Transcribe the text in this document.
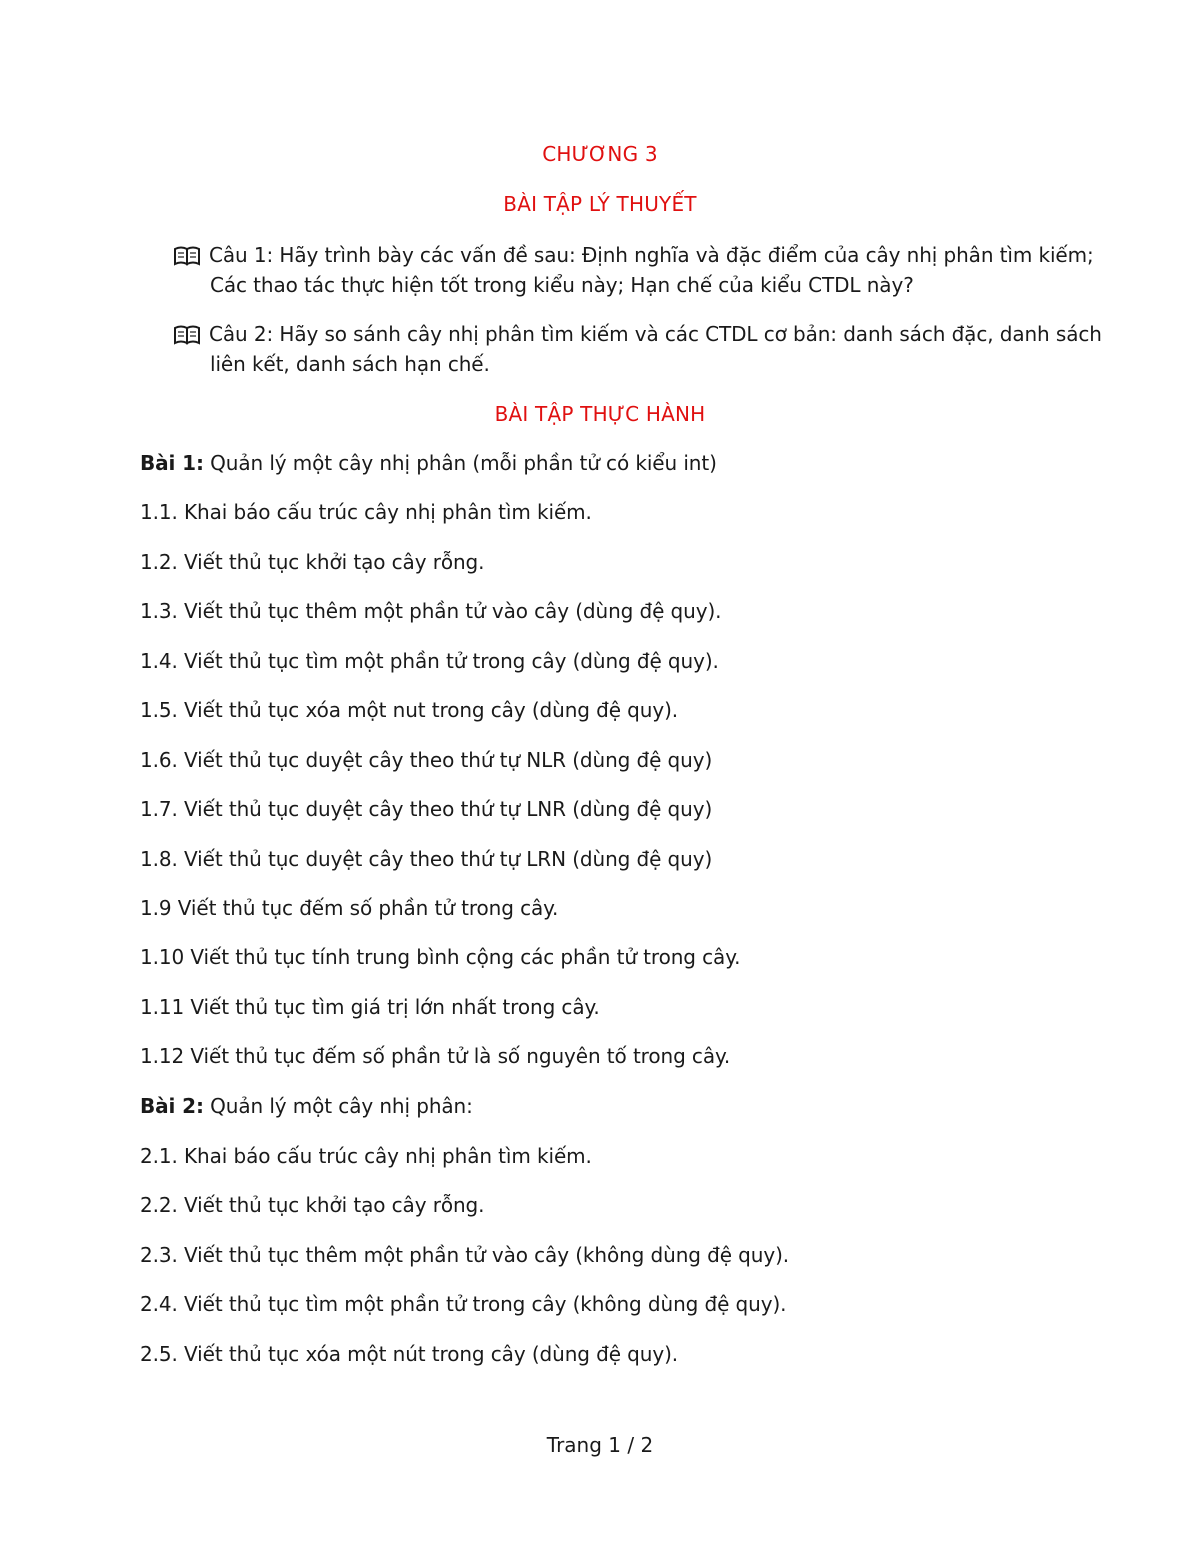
CHƯƠNG 3
BÀI TẬP LÝ THUYẾT
Câu 1: Hãy trình bày các vấn đề sau: Định nghĩa và đặc điểm của cây nhị phân tìm kiếm;
Các thao tác thực hiện tốt trong kiểu này; Hạn chế của kiểu CTDL này?
Câu 2: Hãy so sánh cây nhị phân tìm kiếm và các CTDL cơ bản: danh sách đặc, danh sách
liên kết, danh sách hạn chế.
BÀI TẬP THỰC HÀNH
Bài 1: Quản lý một cây nhị phân (mỗi phần tử có kiểu int)
1.1. Khai báo cấu trúc cây nhị phân tìm kiếm.
1.2. Viết thủ tục khởi tạo cây rỗng.
1.3. Viết thủ tục thêm một phần tử vào cây (dùng đệ quy).
1.4. Viết thủ tục tìm một phần tử trong cây (dùng đệ quy).
1.5. Viết thủ tục xóa một nut trong cây (dùng đệ quy).
1.6. Viết thủ tục duyệt cây theo thứ tự NLR (dùng đệ quy)
1.7. Viết thủ tục duyệt cây theo thứ tự LNR (dùng đệ quy)
1.8. Viết thủ tục duyệt cây theo thứ tự LRN (dùng đệ quy)
1.9 Viết thủ tục đếm số phần tử trong cây.
1.10 Viết thủ tục tính trung bình cộng các phần tử trong cây.
1.11 Viết thủ tục tìm giá trị lớn nhất trong cây.
1.12 Viết thủ tục đếm số phần tử là số nguyên tố trong cây.
Bài 2: Quản lý một cây nhị phân:
2.1. Khai báo cấu trúc cây nhị phân tìm kiếm.
2.2. Viết thủ tục khởi tạo cây rỗng.
2.3. Viết thủ tục thêm một phần tử vào cây (không dùng đệ quy).
2.4. Viết thủ tục tìm một phần tử trong cây (không dùng đệ quy).
2.5. Viết thủ tục xóa một nút trong cây (dùng đệ quy).
Trang 1 / 2
